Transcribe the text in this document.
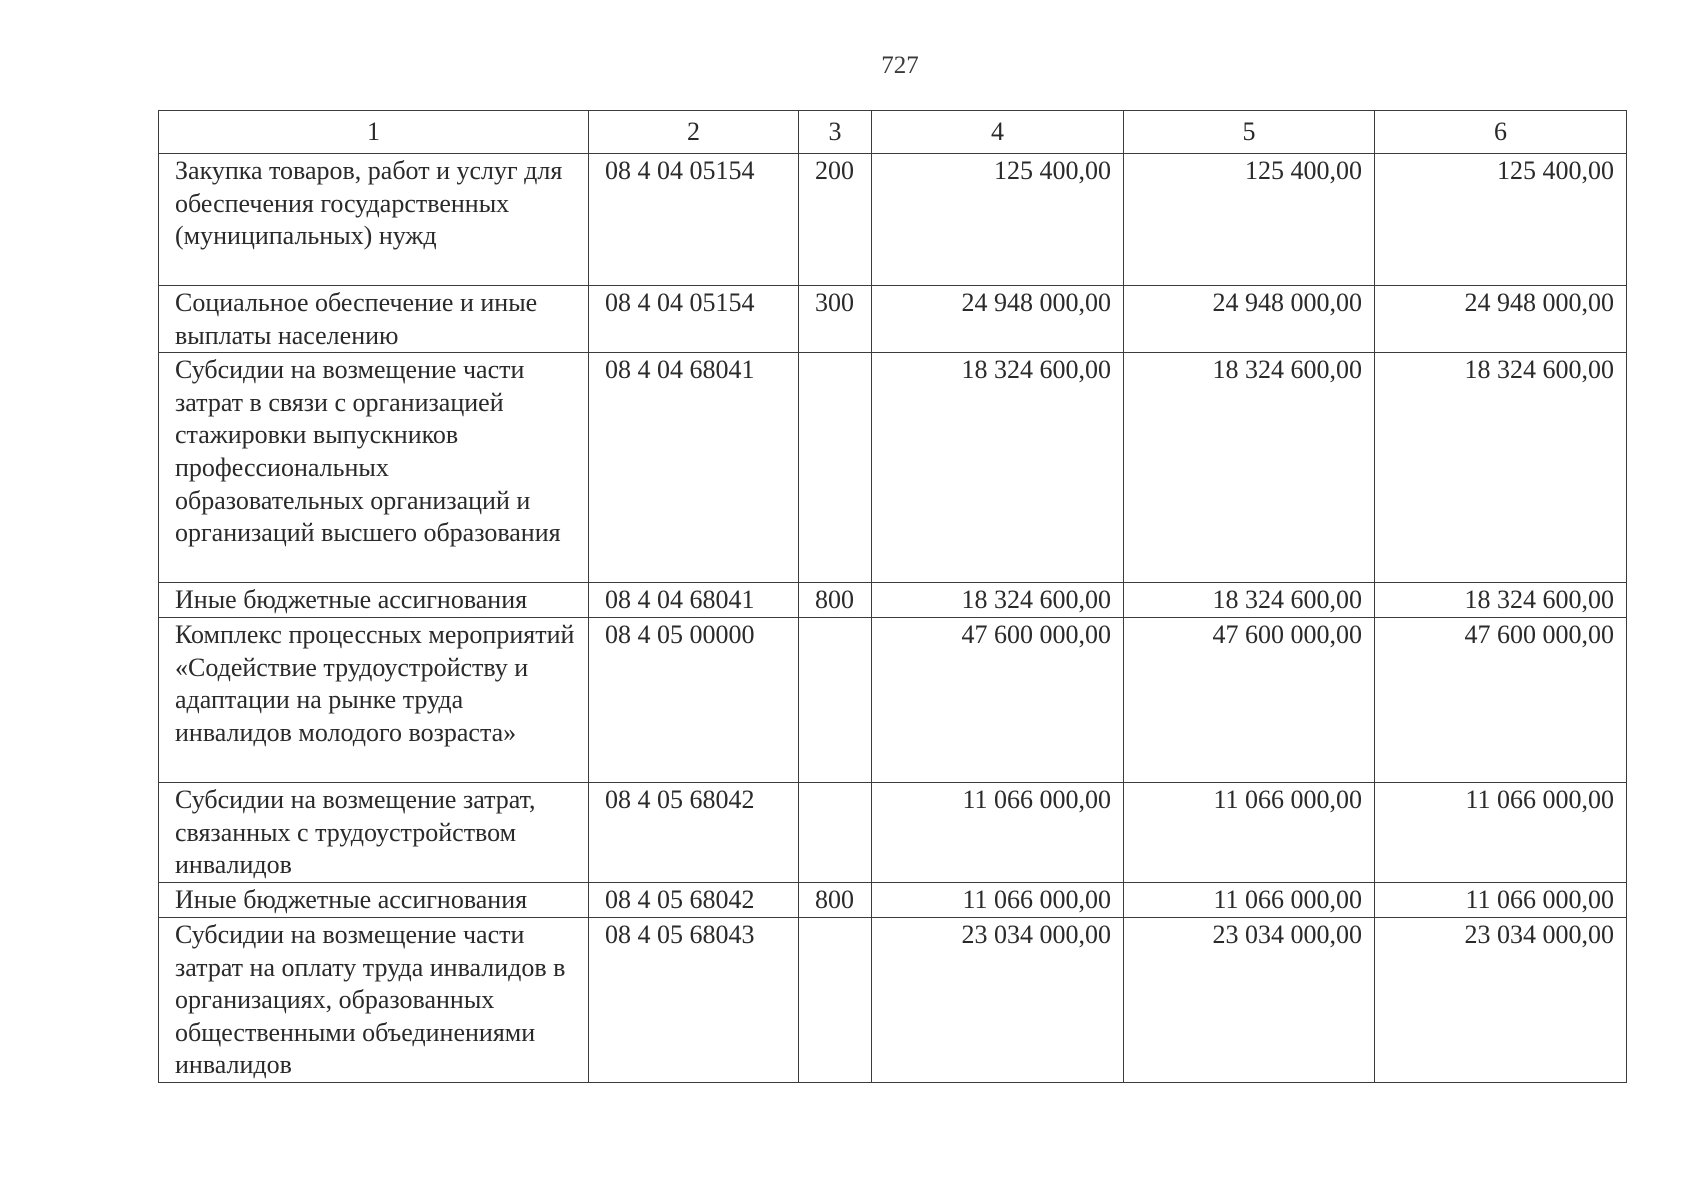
727
1	2	3	4	5	6
Закупка товаров, работ и услуг для обеспечения государственных (муниципальных) нужд	08 4 04 05154	200	125 400,00	125 400,00	125 400,00
Социальное обеспечение и иные выплаты населению	08 4 04 05154	300	24 948 000,00	24 948 000,00	24 948 000,00
Субсидии на возмещение части затрат в связи с организацией стажировки выпускников профессиональных образовательных организаций и организаций высшего образования	08 4 04 68041		18 324 600,00	18 324 600,00	18 324 600,00
Иные бюджетные ассигнования	08 4 04 68041	800	18 324 600,00	18 324 600,00	18 324 600,00
Комплекс процессных мероприятий «Содействие трудоустройству и адаптации на рынке труда инвалидов молодого возраста»	08 4 05 00000		47 600 000,00	47 600 000,00	47 600 000,00
Субсидии на возмещение затрат, связанных с трудоустройством инвалидов	08 4 05 68042		11 066 000,00	11 066 000,00	11 066 000,00
Иные бюджетные ассигнования	08 4 05 68042	800	11 066 000,00	11 066 000,00	11 066 000,00
Субсидии на возмещение части затрат на оплату труда инвалидов в организациях, образованных общественными объединениями инвалидов	08 4 05 68043		23 034 000,00	23 034 000,00	23 034 000,00
